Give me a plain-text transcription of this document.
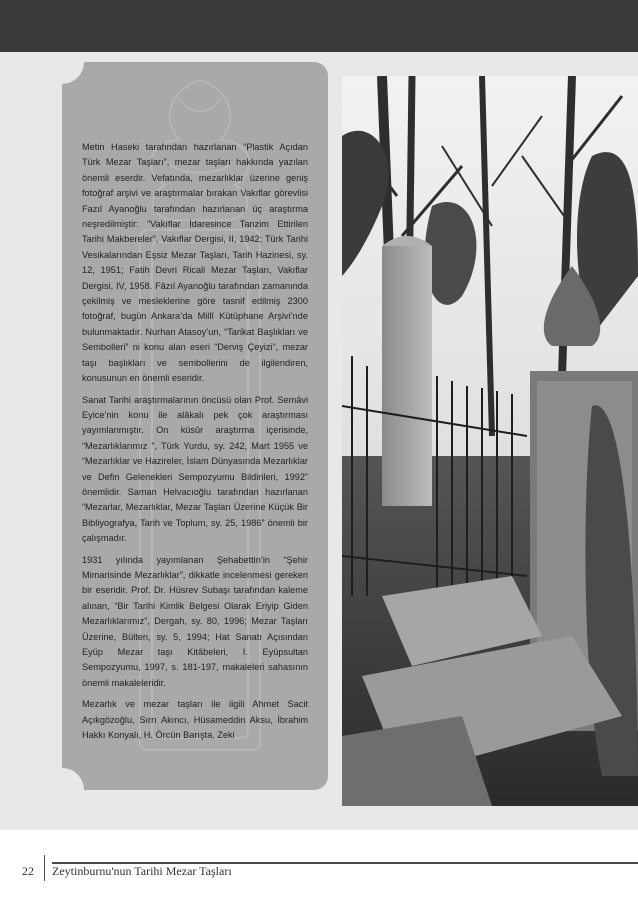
Metin Haseki tarafından hazırlanan “Plastik Açıdan Türk Mezar Taşları”, mezar taşları hakkında yazılan önemli eserdir. Vefatında, mezarlıklar üzerine geniş fotoğraf arşivi ve araştırmalar bırakan Vakıflar görevlisi Fazıl Ayanoğlu tarafından hazırlanan üç araştırma neşredilmiştir: “Vakıflar İdaresince Tanzim Ettirilen Tarihi Makbereler”, Vakıflar Dergisi, II, 1942; Türk Tarihi Vesikalarından Eşsiz Mezar Taşları, Tarih Hazinesi, sy. 12, 1951; Fatih Devri Ricali Mezar Taşları, Vakıflar Dergisi, IV, 1958. Fâzıl Ayanoğlu tarafından zamanında çekilmiş ve mesleklerine göre tasnif edilmiş 2300 fotoğraf, bugün Ankara’da Millî Kütüphane Arşivi’nde bulunmaktadır. Nurhan Atasoy’un, “Tarikat Başlıkları ve Sembolleri” ni konu alan eseri “Derviş Çeyizi”, mezar taşı başlıkları ve sembollerini de ilgilendiren, konusunun en önemli eseridir.

Sanat Tarihi araştırmalarının öncüsü olan Prof. Semâvi Eyice’nin konu ile alâkalı pek çok araştırması yayımlanmıştır. On küsûr araştırma içerisinde, “Mezarlıklarımız ”, Türk Yurdu, sy. 242, Mart 1955 ve “Mezarlıklar ve Hazireler, İslam Dünyasında Mezarlıklar ve Defin Gelenekleri Sempozyumu Bildirileri, 1992” önemlidir. Saman Helvacıoğlu tarafından hazırlanan “Mezarlar, Mezarlıklar, Mezar Taşları Üzerine Küçük Bir Bibliyografya, Tarih ve Toplum, sy. 25, 1986” önemli bir çalışmadır.

1931 yılında yayımlanan Şehabettin’in “Şehir Mimarisinde Mezarlıklar”, dikkatle incelenmesi gereken bir eseridir. Prof. Dr. Hüsrev Subaşı tarafından kaleme alınan, “Bir Tarihi Kimlik Belgesi Olarak Eriyip Giden Mezarlıklarımız”, Dergah, sy. 80, 1996; Mezar Taşları Üzerine, Bülten, sy. 5, 1994; Hat Sanatı Açısından Eyüp Mezar taşı Kitâbeleri, I. Eyüpsultan Sempozyumu, 1997, s. 181-197, makaleleri sahasının önemli makaleleridir.

Mezarlık ve mezar taşları ile ilgili Ahmet Sacit Açıkgözoğlu, Sırrı Akıncı, Hüsameddin Aksu, İbrahim Hakkı Konyalı, H. Örcün Barışta, Zeki

22 Zeytinburnu'nun Tarihi Mezar Taşları
